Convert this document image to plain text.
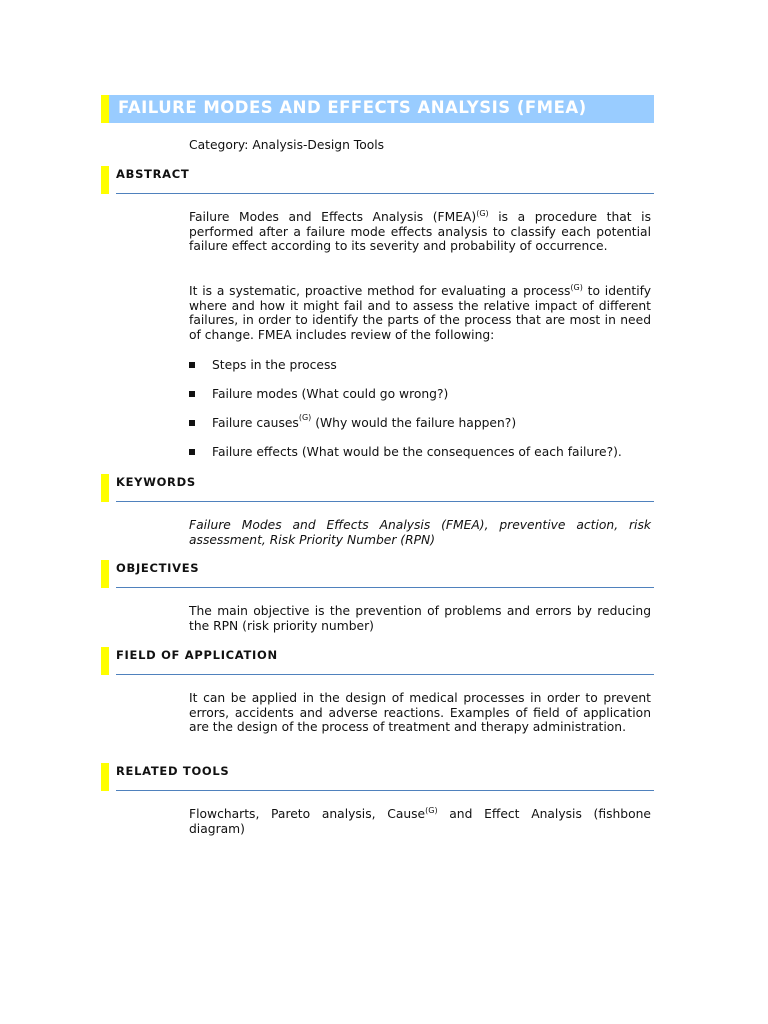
FAILURE MODES AND EFFECTS ANALYSIS (FMEA)
Category: Analysis-Design Tools
ABSTRACT

Failure Modes and Effects Analysis (FMEA)$^{(G)}$ is a procedure that is performed after a failure mode effects analysis to classify each potential failure effect according to its severity and probability of occurrence.

It is a systematic, proactive method for evaluating a process$^{(G)}$ to identify where and how it might fail and to assess the relative impact of different failures, in order to identify the parts of the process that are most in need of change. FMEA includes review of the following:

Steps in the process
Failure modes (What could go wrong?)
Failure causes$^{(G)}$ (Why would the failure happen?)
Failure effects (What would be the consequences of each failure?).
KEYWORDS

Failure Modes and Effects Analysis (FMEA), preventive action, risk assessment, Risk Priority Number (RPN)

OBJECTIVES

The main objective is the prevention of problems and errors by reducing the RPN (risk priority number)

FIELD OF APPLICATION

It can be applied in the design of medical processes in order to prevent errors, accidents and adverse reactions. Examples of field of application are the design of the process of treatment and therapy administration.

RELATED TOOLS

Flowcharts, Pareto analysis, Cause$^{(G)}$ and Effect Analysis (fishbone diagram)
